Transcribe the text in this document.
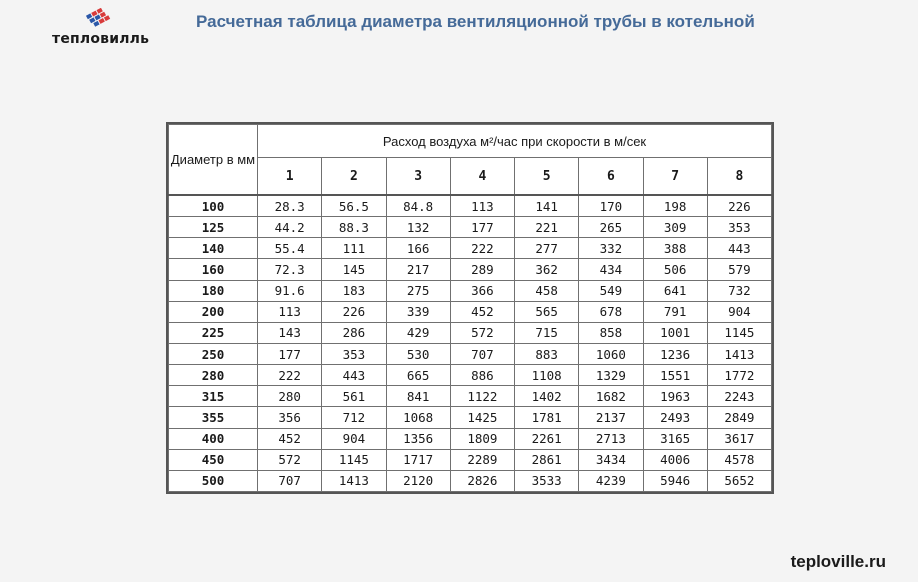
тепловилль
Расчетная таблица диаметра вентиляционной трубы в котельной
Диаметр в мм	Расход воздуха м²/час при скорости в м/сек							
	1	2	3	4	5	6	7	8
100	28.3	56.5	84.8	113	141	170	198	226
125	44.2	88.3	132	177	221	265	309	353
140	55.4	111	166	222	277	332	388	443
160	72.3	145	217	289	362	434	506	579
180	91.6	183	275	366	458	549	641	732
200	113	226	339	452	565	678	791	904
225	143	286	429	572	715	858	1001	1145
250	177	353	530	707	883	1060	1236	1413
280	222	443	665	886	1108	1329	1551	1772
315	280	561	841	1122	1402	1682	1963	2243
355	356	712	1068	1425	1781	2137	2493	2849
400	452	904	1356	1809	2261	2713	3165	3617
450	572	1145	1717	2289	2861	3434	4006	4578
500	707	1413	2120	2826	3533	4239	5946	5652
teploville.ru
